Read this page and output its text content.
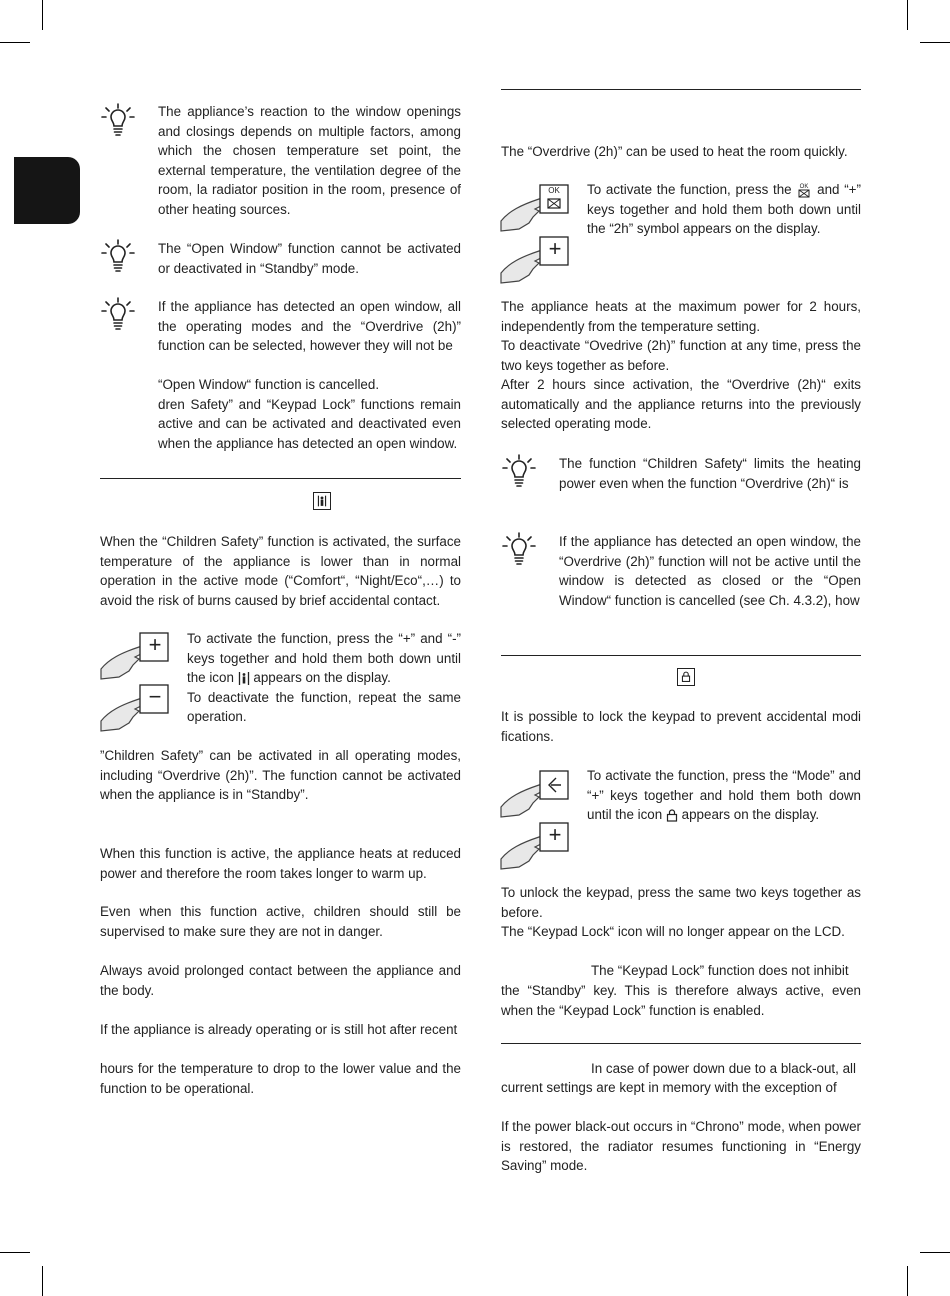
The appliance’s reaction to the window openings and closings depends on multiple factors, among which the chosen temperature set point, the external temperature, the ventilation degree of the room, la radiator position in the room, presence of other heating sources.
The “Open Window” function cannot be activated or deactivated in “Standby” mode.

If the appliance has detected an open window, all the operating modes and the “Overdrive (2h)” function can be selected, however they will not be

“Open Window“ function is cancelled.

dren Safety” and “Keypad Lock” functions remain active and can be activated and deactivated even when the appliance has detected an open window.

When the “Children Safety” function is activated, the surface temperature of the appliance is lower than in normal operation in the active mode (“Comfort“, “Night/Eco“,…) to avoid the risk of burns caused by brief accidental contact.
+
−
To activate the function, press the “+” and “-” keys together and hold them both down until the icon appears on the display.

To deactivate the function, repeat the same operation.

”Children Safety” can be activated in all operating modes, including “Overdrive (2h)”. The function cannot be activated when the appliance is in “Standby”.
When this function is active, the appliance heats at reduced power and therefore the room takes longer to warm up.
Even when this function active, children should still be supervised to make sure they are not in danger.
Always avoid prolonged contact between the appliance and the body.
If the appliance is already operating or is still hot after recent
hours for the temperature to drop to the lower value and the function to be operational.
The “Overdrive (2h)” can be used to heat the room quickly.
OK
+
To activate the function, press the OK and “+” keys together and hold them both down until the “2h” symbol appears on the display.

The appliance heats at the maximum power for 2 hours, independently from the temperature setting.

To deactivate “Ovedrive (2h)” function at any time, press the two keys together as before.

After 2 hours since activation, the “Overdrive (2h)“ exits automatically and the appliance returns into the previously selected operating mode.

The function “Children Safety“ limits the heating power even when the function “Overdrive (2h)“ is
If the appliance has detected an open window, the “Overdrive (2h)” function will not be active until the window is detected as closed or the “Open Window“ function is cancelled (see Ch. 4.3.2), how
It is possible to lock the keypad to prevent accidental modi fications.
+
To activate the function, press the “Mode” and “+” keys together and hold them both down until the icon appears on the display.

To unlock the keypad, press the same two keys together as before.

The “Keypad Lock“ icon will no longer appear on the LCD.

The “Keypad Lock” function does not inhibit
the “Standby” key. This is therefore always active, even when the “Keypad Lock” function is enabled.
In case of power down due to a black-out, all
current settings are kept in memory with the exception of
If the power black-out occurs in “Chrono” mode, when power is restored, the radiator resumes functioning in “Energy Saving” mode.
